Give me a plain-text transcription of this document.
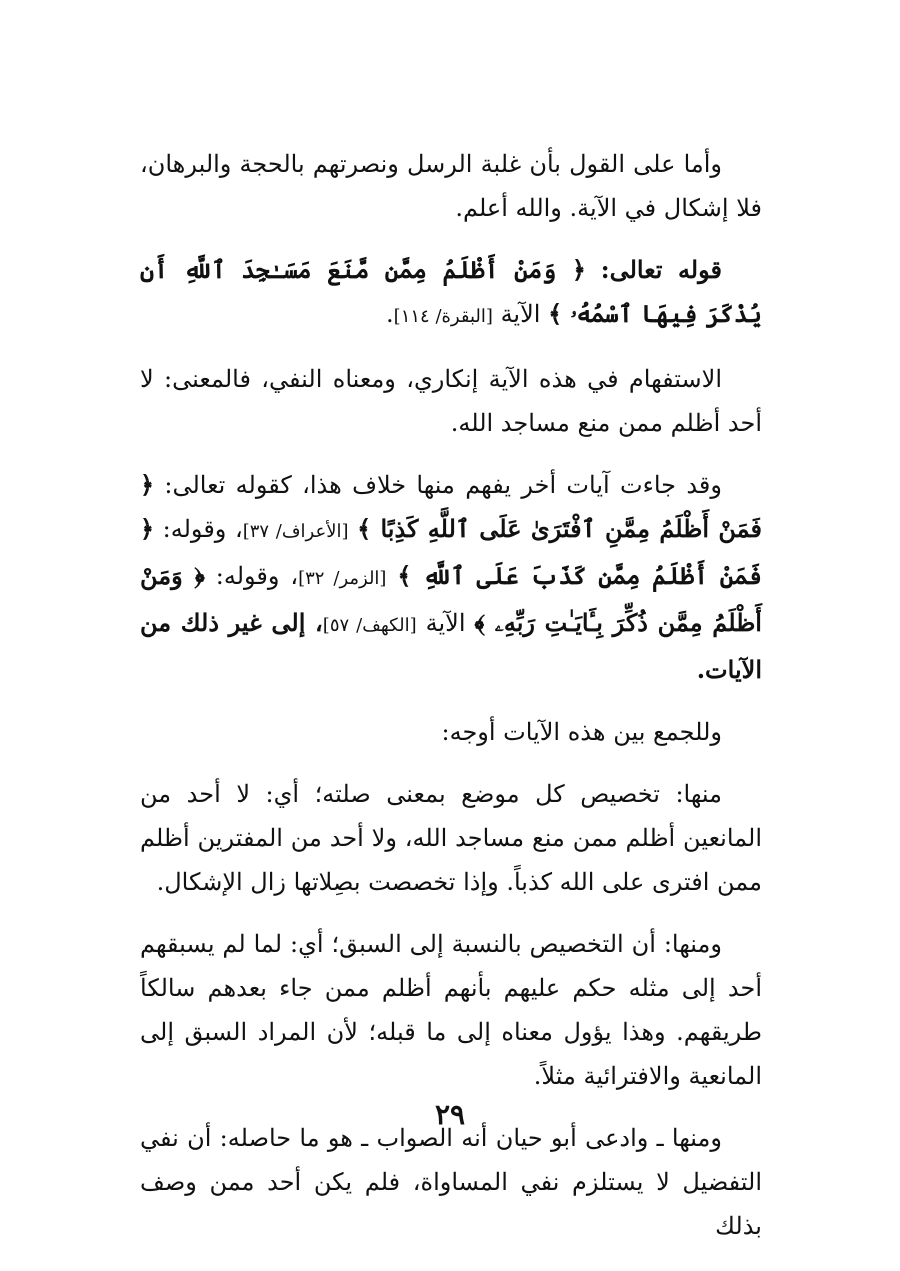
وأما على القول بأن غلبة الرسل ونصرتهم بالحجة والبرهان، فلا إشكال في الآية. والله أعلم.

قوله تعالى: ﴿ وَمَنْ أَظْلَمُ مِمَّن مَّنَعَ مَسَـٰجِدَ ٱللَّهِ أَن يُذْكَرَ فِيهَا ٱسْمُهُۥ ﴾ الآية [البقرة/ ١١٤].

الاستفهام في هذه الآية إنكاري، ومعناه النفي، فالمعنى: لا أحد أظلم ممن منع مساجد الله.

وقد جاءت آيات أخر يفهم منها خلاف هذا، كقوله تعالى: ﴿ فَمَنْ أَظْلَمُ مِمَّنِ ٱفْتَرَىٰ عَلَى ٱللَّهِ كَذِبًا ﴾ [الأعراف/ ٣٧]، وقوله: ﴿ فَمَنْ أَظْلَمُ مِمَّن كَذَبَ عَلَى ٱللَّهِ ﴾ [الزمر/ ٣٢]، وقوله: ﴿ وَمَنْ أَظْلَمُ مِمَّن ذُكِّرَ بِـَٔايَـٰتِ رَبِّهِۦ ﴾ الآية [الكهف/ ٥٧]، إلى غير ذلك من الآيات.

وللجمع بين هذه الآيات أوجه:

منها: تخصيص كل موضع بمعنى صلته؛ أي: لا أحد من المانعين أظلم ممن منع مساجد الله، ولا أحد من المفترين أظلم ممن افترى على الله كذباً. وإذا تخصصت بصِلاتها زال الإشكال.

ومنها: أن التخصيص بالنسبة إلى السبق؛ أي: لما لم يسبقهم أحد إلى مثله حكم عليهم بأنهم أظلم ممن جاء بعدهم سالكاً طريقهم. وهذا يؤول معناه إلى ما قبله؛ لأن المراد السبق إلى المانعية والافترائية مثلاً.

ومنها ـ وادعى أبو حيان أنه الصواب ـ هو ما حاصله: أن نفي التفضيل لا يستلزم نفي المساواة، فلم يكن أحد ممن وصف بذلك

٢٩
